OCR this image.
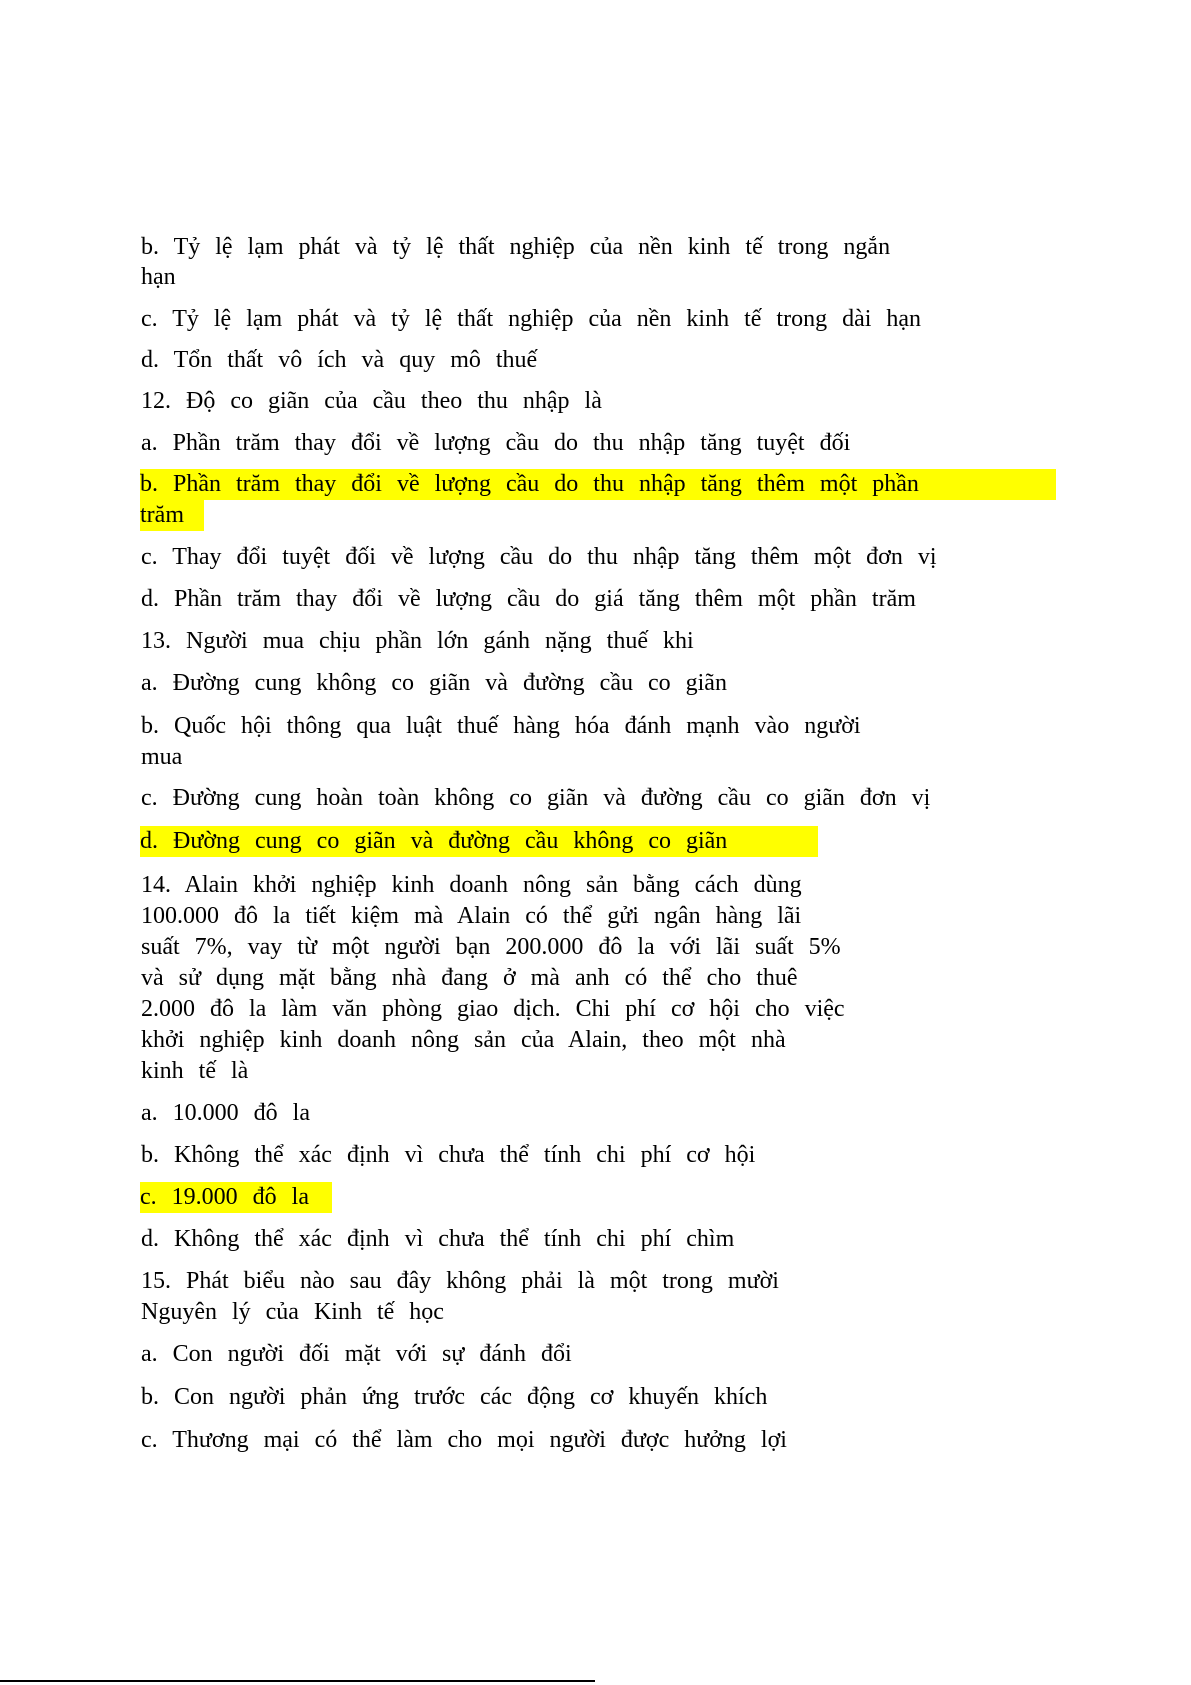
b. Tỷ lệ lạm phát và tỷ lệ thất nghiệp của nền kinh tế trong ngắn
hạn
c. Tỷ lệ lạm phát và tỷ lệ thất nghiệp của nền kinh tế trong dài hạn
d. Tổn thất vô ích và quy mô thuế
12. Độ co giãn của cầu theo thu nhập là
a. Phần trăm thay đổi về lượng cầu do thu nhập tăng tuyệt đối
b. Phần trăm thay đổi về lượng cầu do thu nhập tăng thêm một phần
trăm
c. Thay đổi tuyệt đối về lượng cầu do thu nhập tăng thêm một đơn vị
d. Phần trăm thay đổi về lượng cầu do giá tăng thêm một phần trăm
13. Người mua chịu phần lớn gánh nặng thuế khi
a. Đường cung không co giãn và đường cầu co giãn
b. Quốc hội thông qua luật thuế hàng hóa đánh mạnh vào người
mua
c. Đường cung hoàn toàn không co giãn và đường cầu co giãn đơn vị
d. Đường cung co giãn và đường cầu không co giãn
14. Alain khởi nghiệp kinh doanh nông sản bằng cách dùng
100.000 đô la tiết kiệm mà Alain có thể gửi ngân hàng lãi
suất 7%, vay từ một người bạn 200.000 đô la với lãi suất 5%
và sử dụng mặt bằng nhà đang ở mà anh có thể cho thuê
2.000 đô la làm văn phòng giao dịch. Chi phí cơ hội cho việc
khởi nghiệp kinh doanh nông sản của Alain, theo một nhà
kinh tế là
a. 10.000 đô la
b. Không thể xác định vì chưa thể tính chi phí cơ hội
c. 19.000 đô la
d. Không thể xác định vì chưa thể tính chi phí chìm
15. Phát biểu nào sau đây không phải là một trong mười
Nguyên lý của Kinh tế học
a. Con người đối mặt với sự đánh đổi
b. Con người phản ứng trước các động cơ khuyến khích
c. Thương mại có thể làm cho mọi người được hưởng lợi
